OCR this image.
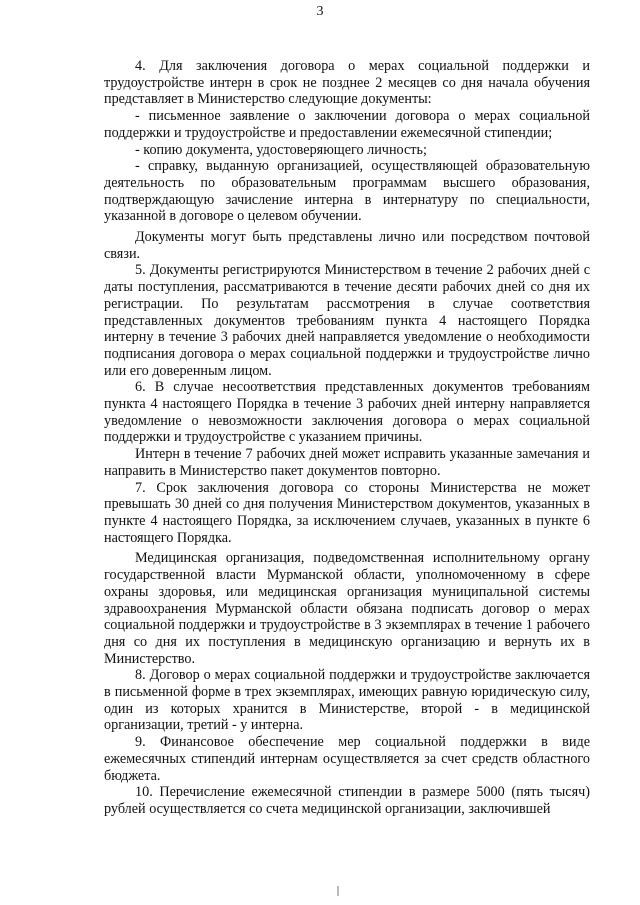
3

4. Для заключения договора о мерах социальной поддержки и трудоустройстве интерн в срок не позднее 2 месяцев со дня начала обучения представляет в Министерство следующие документы:

- письменное заявление о заключении договора о мерах социальной поддержки и трудоустройстве и предоставлении ежемесячной стипендии;

- копию документа, удостоверяющего личность;

- справку, выданную организацией, осуществляющей образовательную деятельность по образовательным программам высшего образования, подтверждающую зачисление интерна в интернатуру по специальности, указанной в договоре о целевом обучении.

Документы могут быть представлены лично или посредством почтовой связи.

5. Документы регистрируются Министерством в течение 2 рабочих дней с даты поступления, рассматриваются в течение десяти рабочих дней со дня их регистрации. По результатам рассмотрения в случае соответствия представленных документов требованиям пункта 4 настоящего Порядка интерну в течение 3 рабочих дней направляется уведомление о необходимости подписания договора о мерах социальной поддержки и трудоустройстве лично или его доверенным лицом.

6. В случае несоответствия представленных документов требованиям пункта 4 настоящего Порядка в течение 3 рабочих дней интерну направляется уведомление о невозможности заключения договора о мерах социальной поддержки и трудоустройстве с указанием причины.

Интерн в течение 7 рабочих дней может исправить указанные замечания и направить в Министерство пакет документов повторно.

7. Срок заключения договора со стороны Министерства не может превышать 30 дней со дня получения Министерством документов, указанных в пункте 4 настоящего Порядка, за исключением случаев, указанных в пункте 6 настоящего Порядка.

Медицинская организация, подведомственная исполнительному органу государственной власти Мурманской области, уполномоченному в сфере охраны здоровья, или медицинская организация муниципальной системы здравоохранения Мурманской области обязана подписать договор о мерах социальной поддержки и трудоустройстве в 3 экземплярах в течение 1 рабочего дня со дня их поступления в медицинскую организацию и вернуть их в Министерство.

8. Договор о мерах социальной поддержки и трудоустройстве заключается в письменной форме в трех экземплярах, имеющих равную юридическую силу, один из которых хранится в Министерстве, второй - в медицинской организации, третий - у интерна.

9. Финансовое обеспечение мер социальной поддержки в виде ежемесячных стипендий интернам осуществляется за счет средств областного бюджета.

10. Перечисление ежемесячной стипендии в размере 5000 (пять тысяч) рублей осуществляется со счета медицинской организации, заключившей
